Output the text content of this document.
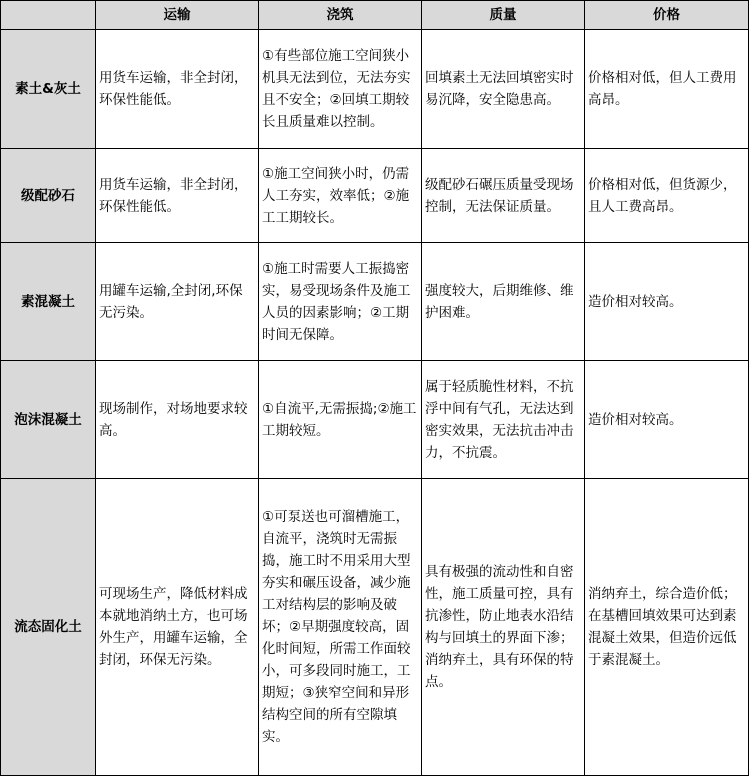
	运输	浇筑	质量	价格
素土&灰土	用货车运输，非全封闭，环保性能低。	①有些部位施工空间狭小机具无法到位，无法夯实且不安全；②回填工期较长且质量难以控制。	回填素土无法回填密实时易沉降，安全隐患高。	价格相对低，但人工费用高昂。
级配砂石	用货车运输，非全封闭，环保性能低。	①施工空间狭小时，仍需人工夯实，效率低；②施工工期较长。	级配砂石碾压质量受现场控制，无法保证质量。	价格相对低，但货源少，且人工费高昂。
素混凝土	用罐车运输,全封闭,环保无污染。	①施工时需要人工振捣密实，易受现场条件及施工人员的因素影响；②工期时间无保障。	强度较大，后期维修、维护困难。	造价相对较高。
泡沫混凝土	现场制作，对场地要求较高。	①自流平,无需振捣;②施工工期较短。	属于轻质脆性材料，不抗浮中间有气孔，无法达到密实效果，无法抗击冲击力，不抗震。	造价相对较高。
流态固化土	可现场生产，降低材料成本就地消纳土方，也可场外生产，用罐车运输，全封闭，环保无污染。	①可泵送也可溜槽施工，自流平，浇筑时无需振捣，施工时不用采用大型夯实和碾压设备，减少施工对结构层的影响及破坏；②早期强度较高，固化时间短，所需工作面较小，可多段同时施工，工期短；③狭窄空间和异形结构空间的所有空隙填实。	具有极强的流动性和自密性，施工质量可控，具有抗渗性，防止地表水沿结构与回填土的界面下渗；消纳弃土，具有环保的特点。	消纳弃土，综合造价低；在基槽回填效果可达到素混凝土效果，但造价远低于素混凝土。
